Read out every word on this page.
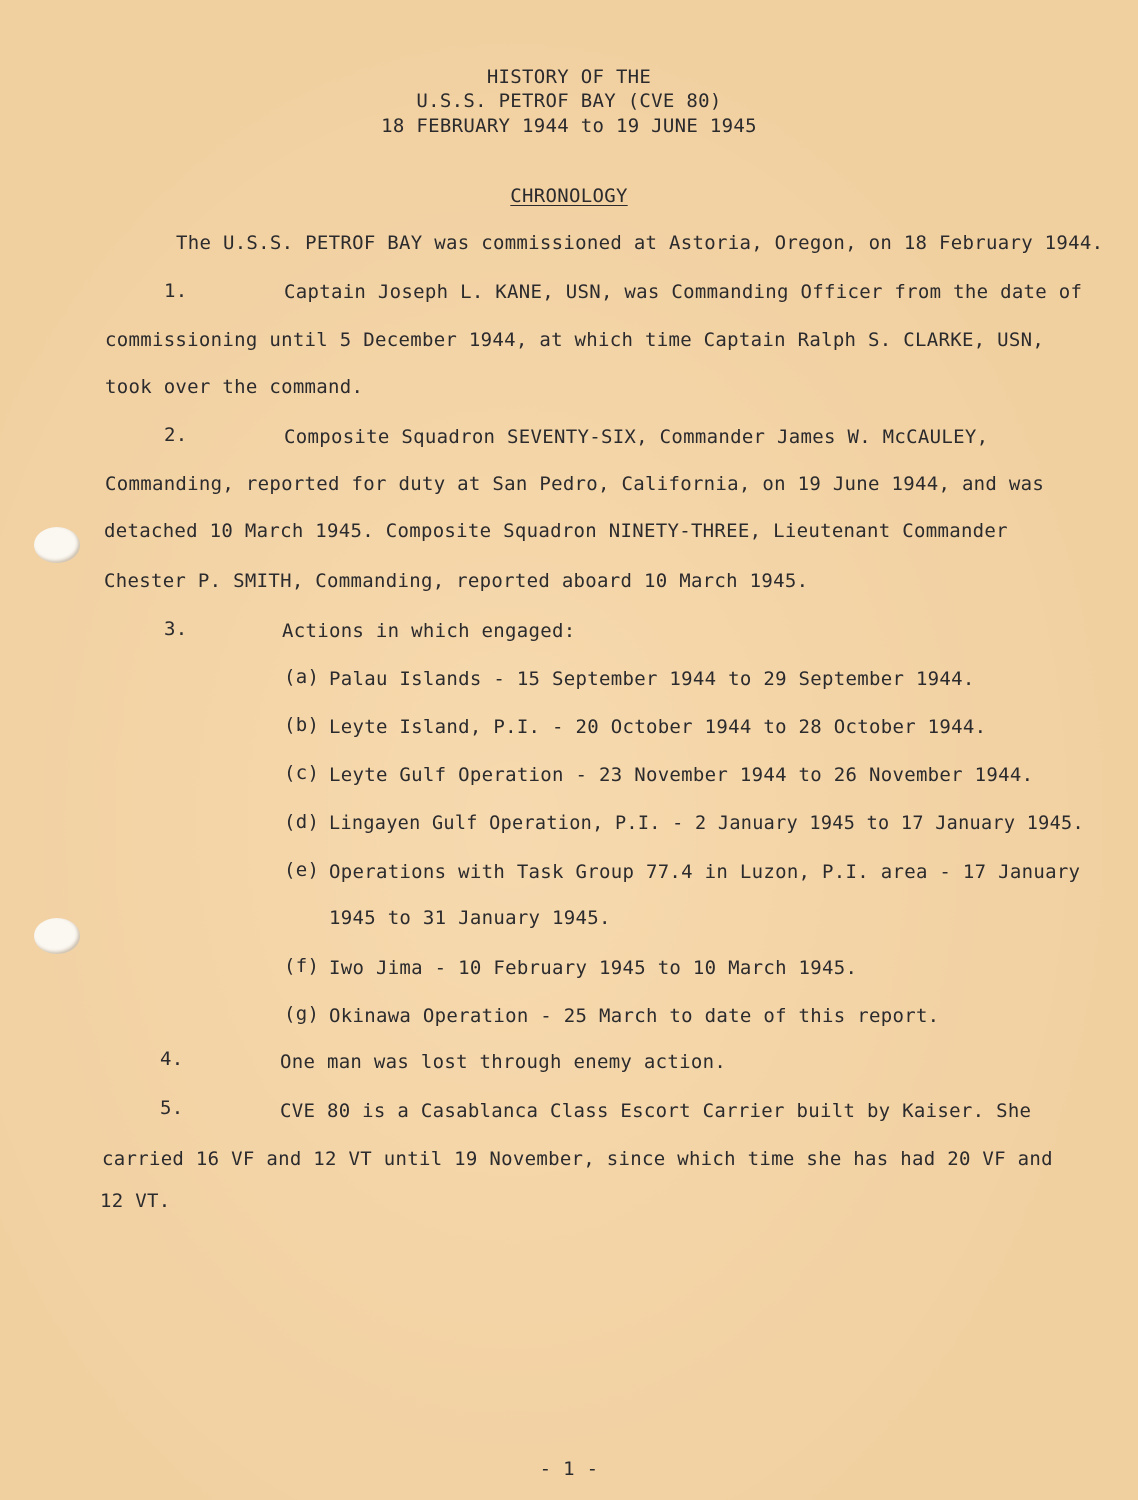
HISTORY OF THE
U.S.S. PETROF BAY (CVE 80)
18 FEBRUARY 1944 to 19 JUNE 1945
CHRONOLOGY
The U.S.S. PETROF BAY was commissioned at Astoria, Oregon, on 18 February 1944.
1.	Captain Joseph L. KANE, USN, was Commanding Officer from the date of
commissioning until 5 December 1944, at which time Captain Ralph S. CLARKE, USN,
took over the command.
2.	Composite Squadron SEVENTY-SIX, Commander James W. McCAULEY,
Commanding, reported for duty at San Pedro, California, on 19 June 1944, and was
detached 10 March 1945. Composite Squadron NINETY-THREE, Lieutenant Commander
Chester P. SMITH, Commanding, reported aboard 10 March 1945.
3.	Actions in which engaged:
(a) Palau Islands - 15 September 1944 to 29 September 1944.
(b) Leyte Island, P.I. - 20 October 1944 to 28 October 1944.
(c) Leyte Gulf Operation - 23 November 1944 to 26 November 1944.
(d) Lingayen Gulf Operation, P.I. - 2 January 1945 to 17 January 1945.
(e) Operations with Task Group 77.4 in Luzon, P.I. area - 17 January
1945 to 31 January 1945.
(f) Iwo Jima - 10 February 1945 to 10 March 1945.
(g) Okinawa Operation - 25 March to date of this report.
4.	One man was lost through enemy action.
5.	CVE 80 is a Casablanca Class Escort Carrier built by Kaiser. She
carried 16 VF and 12 VT until 19 November, since which time she has had 20 VF and
12 VT.
- 1 -
